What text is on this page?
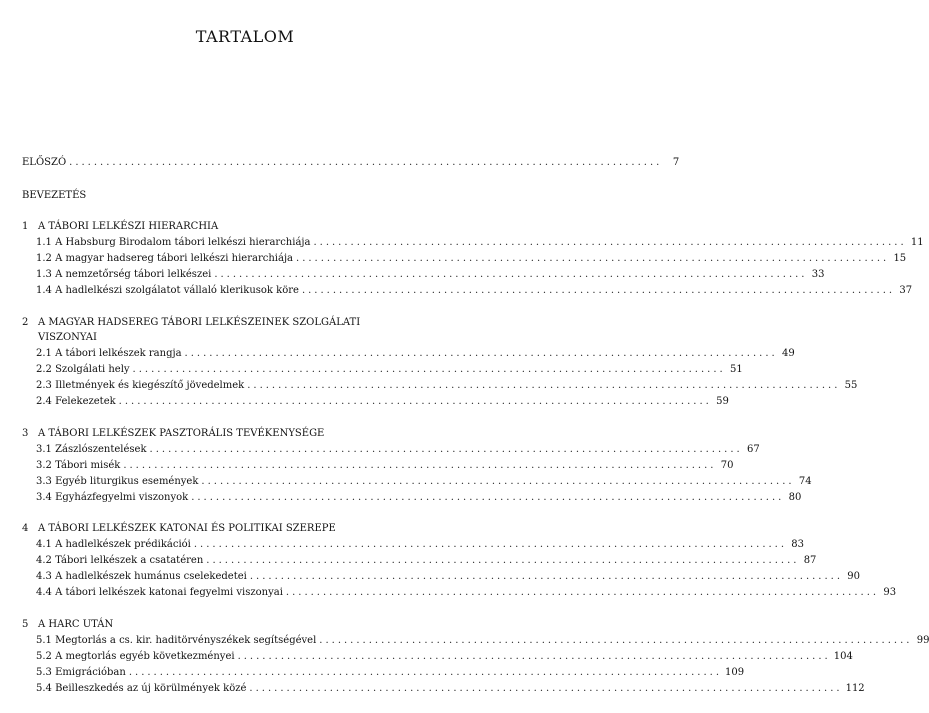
TARTALOM
ELŐSZÓ ................................................................................................	7
BEVEZETÉS
1 A TÁBORI LELKÉSZI HIERARCHIA
1.1 A Habsburg Birodalom tábori lelkészi hierarchiája ................................................................................................ 11
1.2 A magyar hadsereg tábori lelkészi hierarchiája ................................................................................................ 15
1.3 A nemzetőrség tábori lelkészei ................................................................................................ 33
1.4 A hadlelkészi szolgálatot vállaló klerikusok köre ................................................................................................ 37
2 A MAGYAR HADSEREG TÁBORI LELKÉSZEINEK SZOLGÁLATI
VISZONYAI
2.1 A tábori lelkészek rangja ................................................................................................ 49
2.2 Szolgálati hely ................................................................................................ 51
2.3 Illetmények és kiegészítő jövedelmek ................................................................................................ 55
2.4 Felekezetek ................................................................................................ 59
3 A TÁBORI LELKÉSZEK PASZTORÁLIS TEVÉKENYSÉGE
3.1 Zászlószentelések ................................................................................................ 67
3.2 Tábori misék ................................................................................................ 70
3.3 Egyéb liturgikus események ................................................................................................ 74
3.4 Egyházfegyelmi viszonyok ................................................................................................ 80
4 A TÁBORI LELKÉSZEK KATONAI ÉS POLITIKAI SZEREPE
4.1 A hadlelkészek prédikációi ................................................................................................ 83
4.2 Tábori lelkészek a csatatéren ................................................................................................ 87
4.3 A hadlelkészek humánus cselekedetei ................................................................................................ 90
4.4 A tábori lelkészek katonai fegyelmi viszonyai ................................................................................................ 93
5 A HARC UTÁN
5.1 Megtorlás a cs. kir. haditörvényszékek segítségével ................................................................................................ 99
5.2 A megtorlás egyéb következményei ................................................................................................ 104
5.3 Emigrációban ................................................................................................ 109
5.4 Beilleszkedés az új körülmények közé ................................................................................................ 112
